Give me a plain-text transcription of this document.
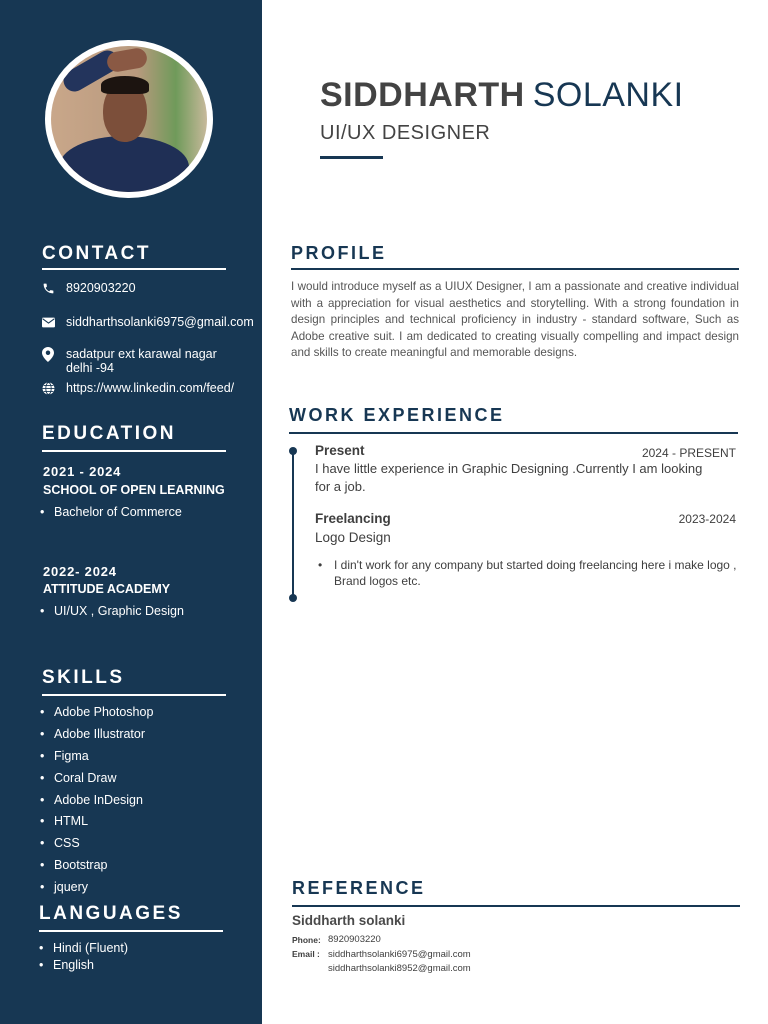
CONTACT
8920903220
siddharthsolanki6975@gmail.com
sadatpur ext karawal nagar
delhi -94
https://www.linkedin.com/feed/
EDUCATION
2021 - 2024
SCHOOL OF OPEN LEARNING
• Bachelor of Commerce
2022- 2024
ATTITUDE ACADEMY
• UI/UX , Graphic Design
SKILLS
• Adobe Photoshop
• Adobe Illustrator
• Figma
• Coral Draw
• Adobe InDesign
• HTML
• CSS
• Bootstrap
• jquery
LANGUAGES
• Hindi (Fluent)
• English
SIDDHARTH SOLANKI
UI/UX DESIGNER
PROFILE

I would introduce myself as a UIUX Designer, I am a passionate and creative individual with a appreciation for visual aesthetics and storytelling. With a strong foundation in design principles and technical proficiency in industry - standard software, Such as Adobe creative suit. I am dedicated to creating visually compelling and impact design and skills to create meaningful and memorable designs.

WORK EXPERIENCE
Present	2024 - PRESENT
I have little experience in Graphic Designing .Currently I am looking for a job.
Freelancing	2023-2024
Logo Design
• I din't work for any company but started doing freelancing here i make logo , Brand logos etc.
REFERENCE
Siddharth solanki
Phone: 8920903220
Email : siddharthsolanki6975@gmail.com
siddharthsolanki8952@gmail.com
